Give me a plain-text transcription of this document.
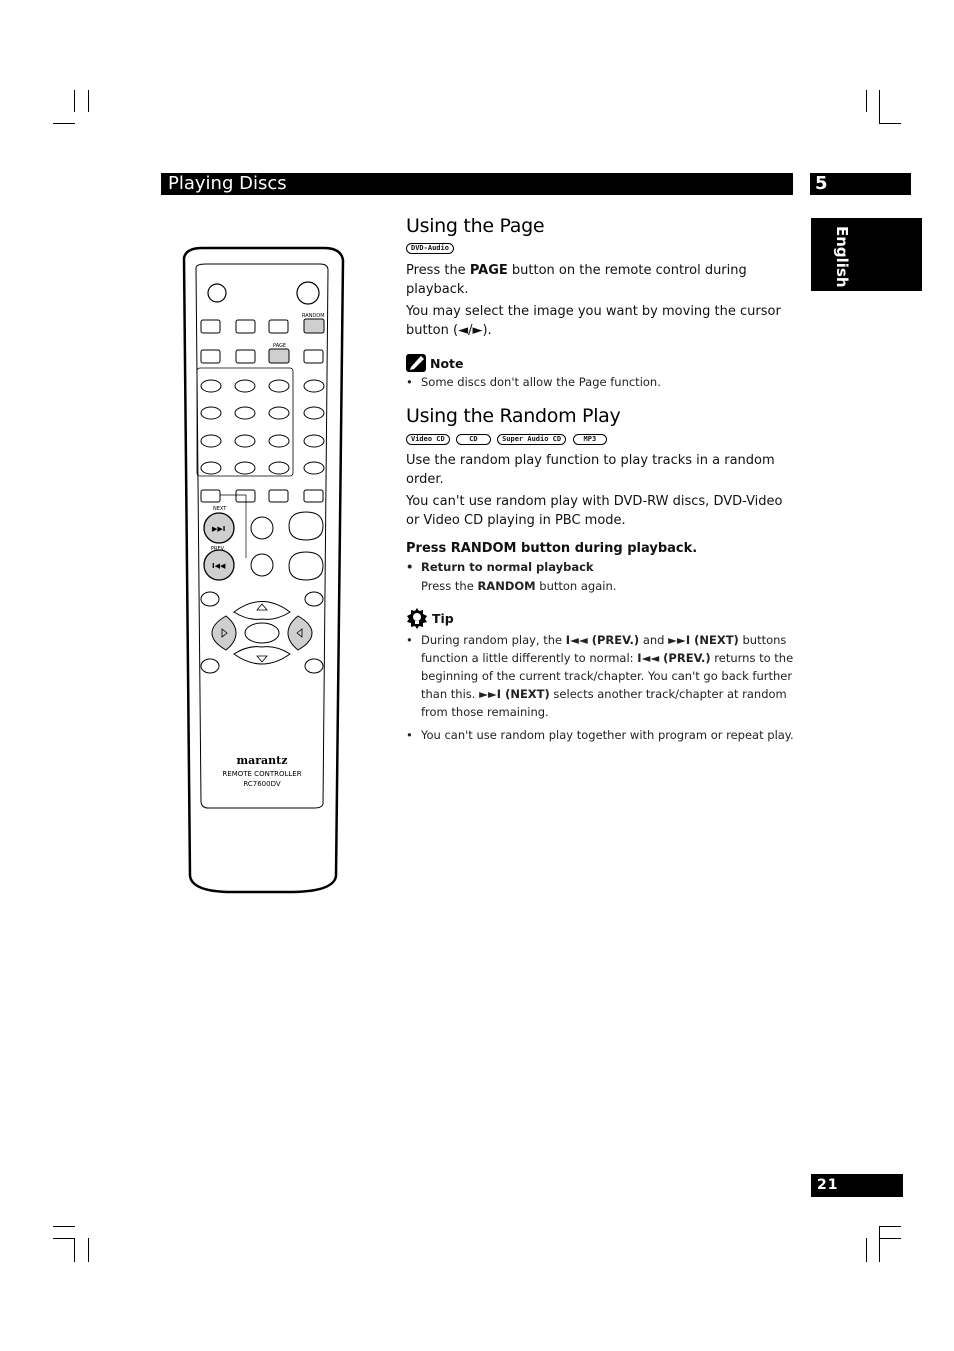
Playing Discs	5
English
RANDOM
PAGE
NEXT
PREV.
▶▶I
I◀◀
marantz
REMOTE CONTROLLER
RC7600DV
Using the Page
DVD-Audio
Press the PAGE button on the remote control during playback.
You may select the image you want by moving the cursor button (◄/►).
Note
• Some discs don't allow the Page function.
Using the Random Play
Video CD	CD	Super Audio CD	MP3
Use the random play function to play tracks in a random order.
You can't use random play with DVD-RW discs, DVD-Video or Video CD playing in PBC mode.
Press RANDOM button during playback.
• Return to normal playback
Press the RANDOM button again.
Tip
• During random play, the I◄◄ (PREV.) and ►►I (NEXT) buttons function a little differently to normal: I◄◄ (PREV.) returns to the beginning of the current track/chapter. You can't go back further than this. ►►I (NEXT) selects another track/chapter at random from those remaining.
• You can't use random play together with program or repeat play.
21
